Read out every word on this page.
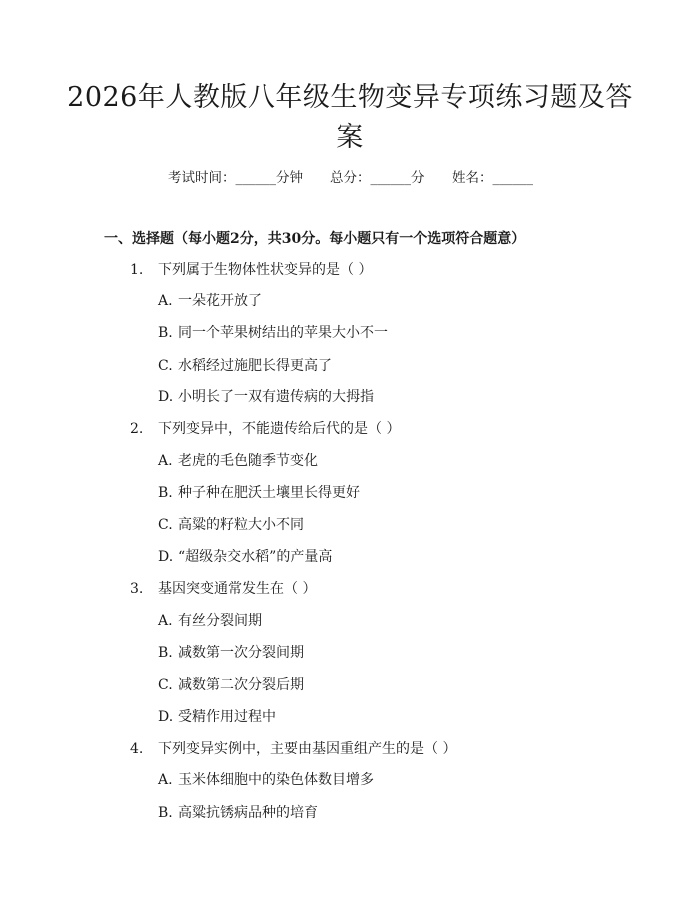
2026年人教版八年级生物变异专项练习题及答案
考试时间：______分钟 总分：______分 姓名：______
一、选择题（每小题2分，共30分。每小题只有一个选项符合题意）
1. 下列属于生物体性状变异的是（ ）
A. 一朵花开放了
B. 同一个苹果树结出的苹果大小不一
C. 水稻经过施肥长得更高了
D. 小明长了一双有遗传病的大拇指
2. 下列变异中，不能遗传给后代的是（ ）
A. 老虎的毛色随季节变化
B. 种子种在肥沃土壤里长得更好
C. 高粱的籽粒大小不同
D. “超级杂交水稻”的产量高
3. 基因突变通常发生在（ ）
A. 有丝分裂间期
B. 减数第一次分裂间期
C. 减数第二次分裂后期
D. 受精作用过程中
4. 下列变异实例中，主要由基因重组产生的是（ ）
A. 玉米体细胞中的染色体数目增多
B. 高粱抗锈病品种的培育
